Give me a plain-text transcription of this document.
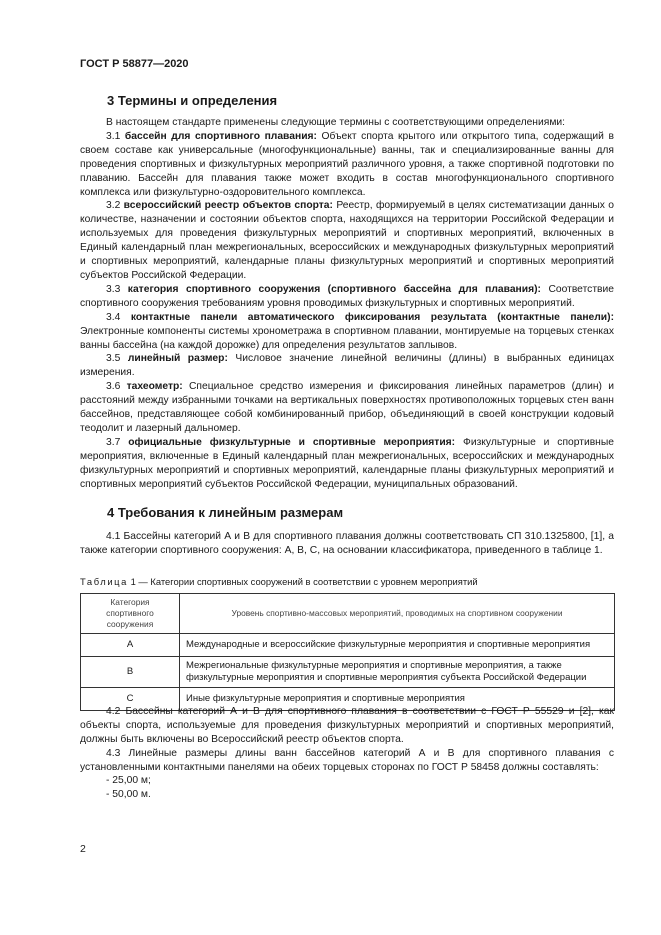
ГОСТ Р 58877—2020
3 Термины и определения

В настоящем стандарте применены следующие термины с соответствующими определениями:

3.1 бассейн для спортивного плавания: Объект спорта крытого или открытого типа, содержащий в своем составе как универсальные (многофункциональные) ванны, так и специализированные ванны для проведения спортивных и физкультурных мероприятий различного уровня, а также спортивной подготовки по плаванию. Бассейн для плавания также может входить в состав многофункционального спортивного комплекса или физкультурно-оздоровительного комплекса.

3.2 всероссийский реестр объектов спорта: Реестр, формируемый в целях систематизации данных о количестве, назначении и состоянии объектов спорта, находящихся на территории Российской Федерации и используемых для проведения физкультурных мероприятий и спортивных мероприятий, включенных в Единый календарный план межрегиональных, всероссийских и международных физкультурных мероприятий и спортивных мероприятий, календарные планы физкультурных мероприятий и спортивных мероприятий субъектов Российской Федерации.

3.3 категория спортивного сооружения (спортивного бассейна для плавания): Соответствие спортивного сооружения требованиям уровня проводимых физкультурных и спортивных мероприятий.

3.4 контактные панели автоматического фиксирования результата (контактные панели): Электронные компоненты системы хронометража в спортивном плавании, монтируемые на торцевых стенках ванны бассейна (на каждой дорожке) для определения результатов заплывов.

3.5 линейный размер: Числовое значение линейной величины (длины) в выбранных единицах измерения.

3.6 тахеометр: Специальное средство измерения и фиксирования линейных параметров (длин) и расстояний между избранными точками на вертикальных поверхностях противоположных торцевых стен ванн бассейнов, представляющее собой комбинированный прибор, объединяющий в своей конструкции кодовый теодолит и лазерный дальномер.

3.7 официальные физкультурные и спортивные мероприятия: Физкультурные и спортивные мероприятия, включенные в Единый календарный план межрегиональных, всероссийских и международных физкультурных мероприятий и спортивных мероприятий, календарные планы физкультурных мероприятий и спортивных мероприятий субъектов Российской Федерации, муниципальных образований.

4 Требования к линейным размерам

4.1 Бассейны категорий А и В для спортивного плавания должны соответствовать СП 310.1325800, [1], а также категории спортивного сооружения: А, В, С, на основании классификатора, приведенного в таблице 1.

Таблица 1 — Категории спортивных сооружений в соответствии с уровнем мероприятий
Категория спортивного сооружения	Уровень спортивно-массовых мероприятий, проводимых на спортивном сооружении
А	Международные и всероссийские физкультурные мероприятия и спортивные мероприятия
В	Межрегиональные физкультурные мероприятия и спортивные мероприятия, а также физкультурные мероприятия и спортивные мероприятия субъекта Российской Федерации
С	Иные физкультурные мероприятия и спортивные мероприятия

4.2 Бассейны категорий А и В для спортивного плавания в соответствии с ГОСТ Р 55529 и [2], как объекты спорта, используемые для проведения физкультурных мероприятий и спортивных мероприятий, должны быть включены во Всероссийский реестр объектов спорта.

4.3 Линейные размеры длины ванн бассейнов категорий А и В для спортивного плавания с установленными контактными панелями на обеих торцевых сторонах по ГОСТ Р 58458 должны составлять:

- 25,00 м;
- 50,00 м.
2
